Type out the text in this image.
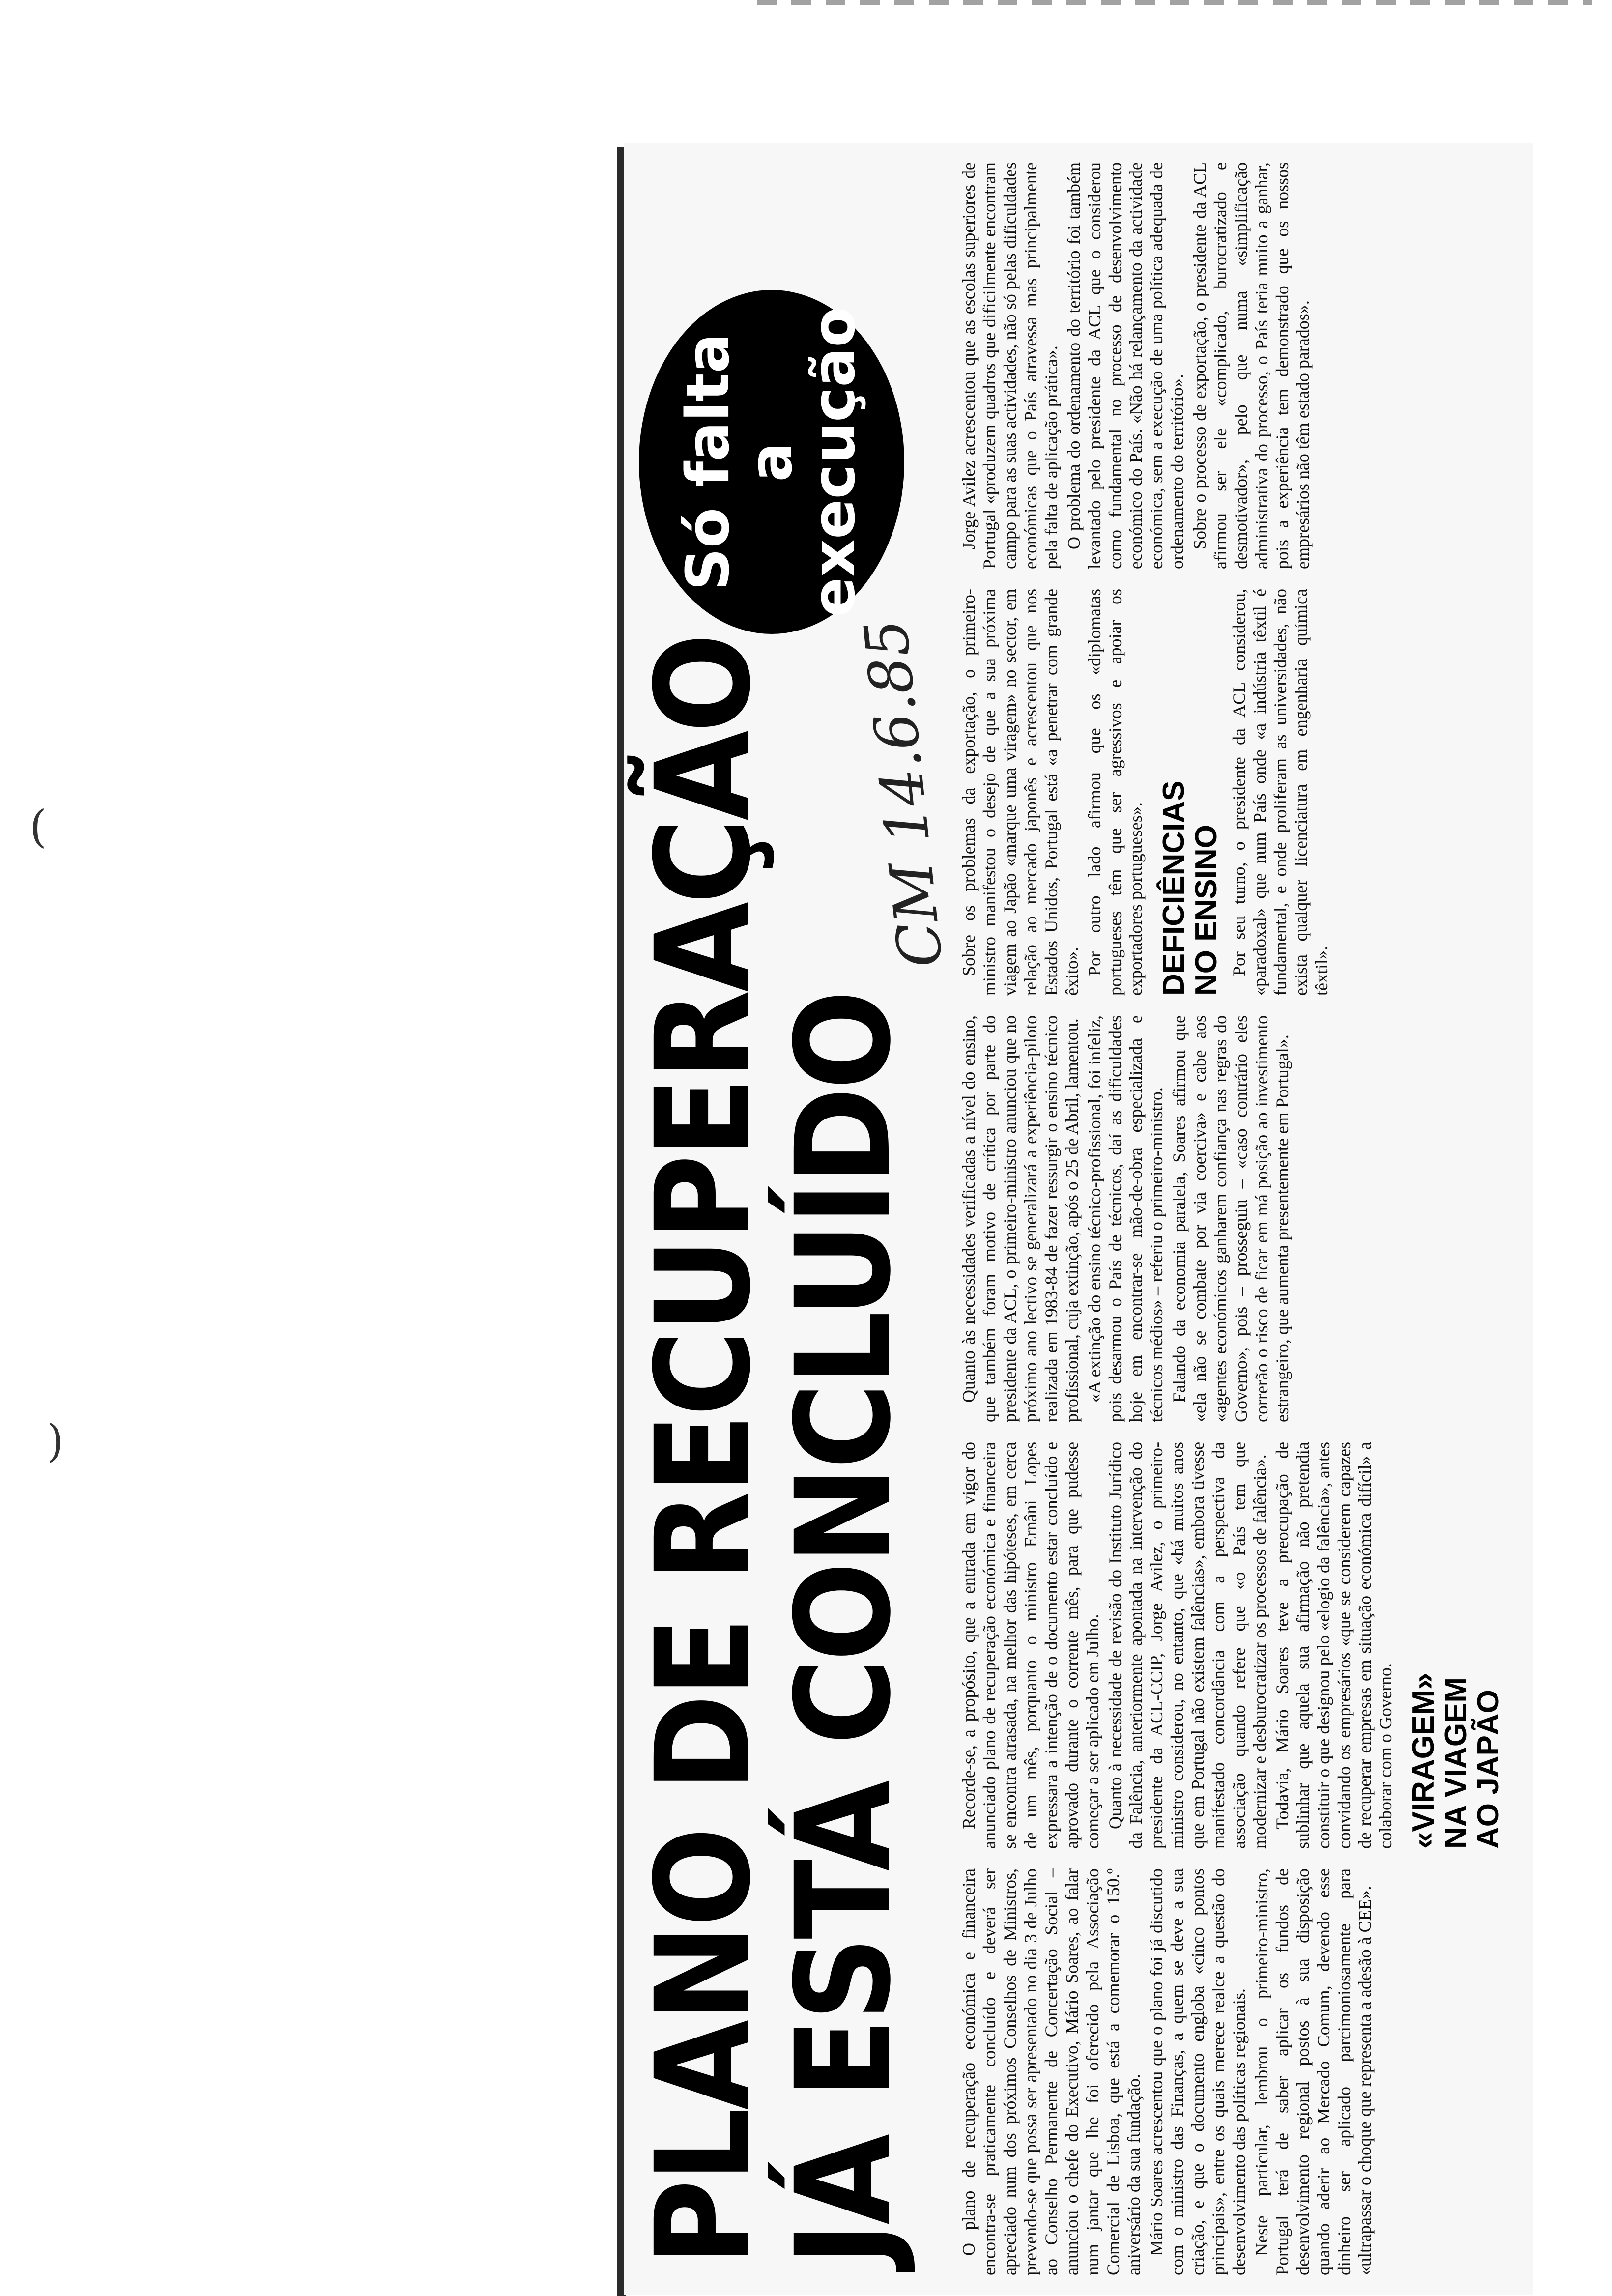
(
)	PLANO DE RECUPERAÇÃO
JÁ ESTÁ CONCLUÍDO
CM 14.6.85
Só falta
a
execução

O plano de recuperação económica e financeira encontra-se praticamente concluído e deverá ser apreciado num dos próximos Conselhos de Ministros, prevendo-se que possa ser apresentado no dia 3 de Julho ao Conselho Permanente de Concertação Social – anunciou o chefe do Executivo, Mário Soares, ao falar num jantar que lhe foi oferecido pela Associação Comercial de Lisboa, que está a comemorar o 150.º aniversário da sua fundação. Mário Soares acrescentou que o plano foi já discutido com o ministro das Finanças, a quem se deve a sua criação, e que o documento engloba «cinco pontos principais», entre os quais merece realce a questão do desenvolvimento das políticas regionais. Neste particular, lembrou o primeiro-ministro, Portugal terá de saber aplicar os fundos de desenvolvimento regional postos à sua disposição quando aderir ao Mercado Comum, devendo esse dinheiro ser aplicado parcimoniosamente para «ultrapassar o choque que representa a adesão à CEE».

Recorde-se, a propósito, que a entrada em vigor do anunciado plano de recuperação económica e financeira se encontra atrasada, na melhor das hipóteses, em cerca de um mês, porquanto o ministro Ernâni Lopes expressara a intenção de o documento estar concluído e aprovado durante o corrente mês, para que pudesse começar a ser aplicado em Julho. Quanto à necessidade de revisão do Instituto Jurídico da Falência, anteriormente apontada na intervenção do presidente da ACL-CCIP, Jorge Avilez, o primeiro-ministro considerou, no entanto, que «há muitos anos que em Portugal não existem falências», embora tivesse manifestado concordância com a perspectiva da associação quando refere que «o País tem que modernizar e desburocratizar os processos de falência». Todavia, Mário Soares teve a preocupação de sublinhar que aquela sua afirmação não pretendia constituir o que designou pelo «elogio da falência», antes convidando os empresários «que se considerem capazes de recuperar empresas em situação económica difícil» a colaborar com o Governo. «VIRAGEM»
NA VIAGEM
AO JAPÃO

Quanto às necessidades verificadas a nível do ensino, que também foram motivo de crítica por parte do presidente da ACL, o primeiro-ministro anunciou que no próximo ano lectivo se generalizará a experiência-piloto realizada em 1983-84 de fazer ressurgir o ensino técnico profissional, cuja extinção, após o 25 de Abril, lamentou. «A extinção do ensino técnico-profissional, foi infeliz, pois desarmou o País de técnicos, daí as dificuldades hoje em encontrar-se mão-de-obra especializada e técnicos médios» – referiu o primeiro-ministro. Falando da economia paralela, Soares afirmou que «ela não se combate por via coerciva» e cabe aos «agentes económicos ganharem confiança nas regras do Governo», pois – prosseguiu – «caso contrário eles correrão o risco de ficar em má posição ao investimento estrangeiro, que aumenta presentemente em Portugal».

Sobre os problemas da exportação, o primeiro-ministro manifestou o desejo de que a sua próxima viagem ao Japão «marque uma viragem» no sector, em relação ao mercado japonês e acrescentou que nos Estados Unidos, Portugal está «a penetrar com grande êxito». Por outro lado afirmou que os «diplomatas portugueses têm que ser agressivos e apoiar os exportadores portugueses». DEFICIÊNCIAS
NO ENSINO Por seu turno, o presidente da ACL considerou, «paradoxal» que num País onde «a indústria têxtil é fundamental, e onde proliferam as universidades, não exista qualquer licenciatura em engenharia química têxtil».

Jorge Avilez acrescentou que as escolas superiores de Portugal «produzem quadros que dificilmente encontram campo para as suas actividades, não só pelas dificuldades económicas que o País atravessa mas principalmente pela falta de aplicação prática». O problema do ordenamento do território foi também levantado pelo presidente da ACL que o considerou como fundamental no processo de desenvolvimento económico do País. «Não há relançamento da actividade económica, sem a execução de uma política adequada de ordenamento do território». Sobre o processo de exportação, o presidente da ACL afirmou ser ele «complicado, burocratizado e desmotivador», pelo que numa «simplificação administrativa do processo, o País teria muito a ganhar, pois a experiência tem demonstrado que os nossos empresários não têm estado parados».
